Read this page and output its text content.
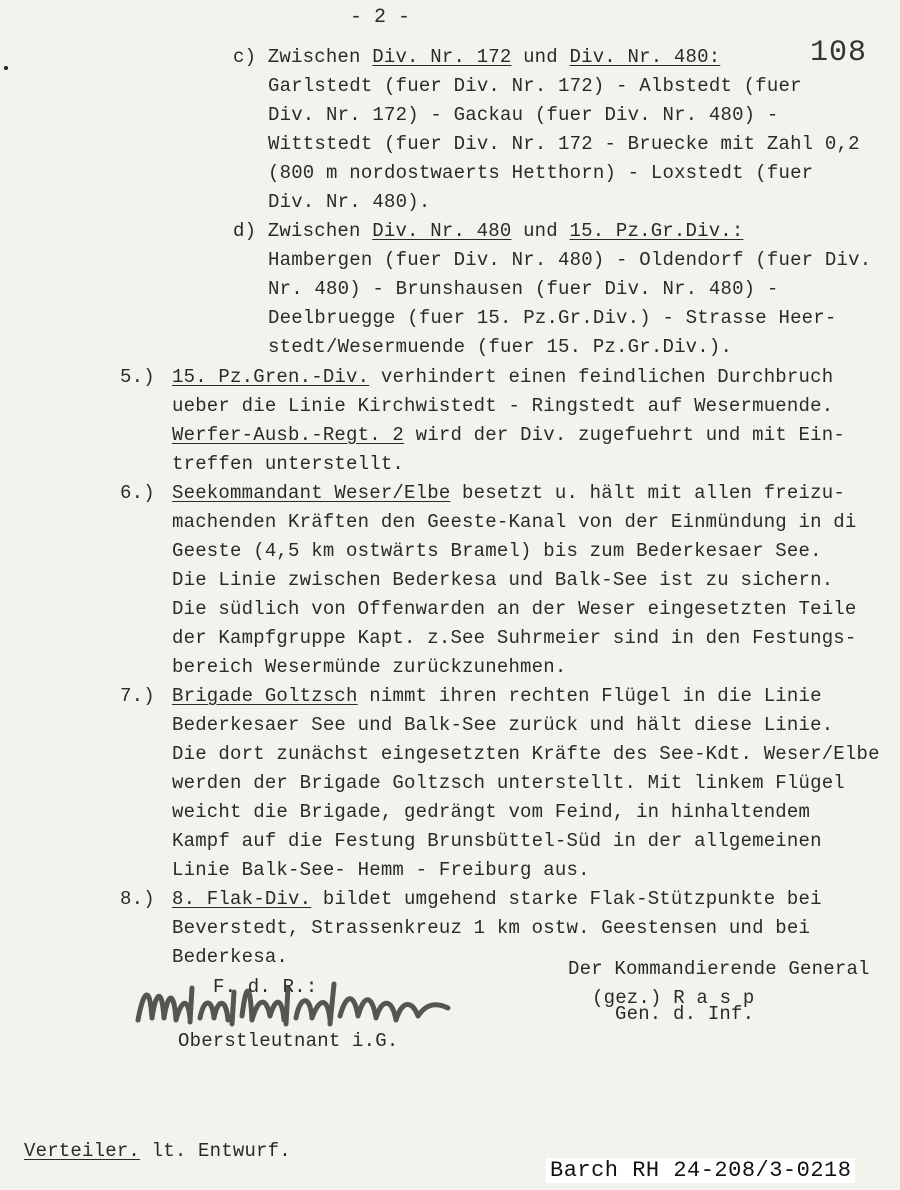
- 2 -
108
c) Zwischen Div. Nr. 172 und Div. Nr. 480:
Garlstedt (fuer Div. Nr. 172) - Albstedt (fuer
Div. Nr. 172) - Gackau (fuer Div. Nr. 480) -
Wittstedt (fuer Div. Nr. 172 - Bruecke mit Zahl 0,2
(800 m nordostwaerts Hetthorn) - Loxstedt (fuer
Div. Nr. 480).
d) Zwischen Div. Nr. 480 und 15. Pz.Gr.Div.:
Hambergen (fuer Div. Nr. 480) - Oldendorf (fuer Div.
Nr. 480) - Brunshausen (fuer Div. Nr. 480) -
Deelbruegge (fuer 15. Pz.Gr.Div.) - Strasse Heer-
stedt/Wesermuende (fuer 15. Pz.Gr.Div.).
5.) 15. Pz.Gren.-Div. verhindert einen feindlichen Durchbruch
ueber die Linie Kirchwistedt - Ringstedt auf Wesermuende.
Werfer-Ausb.-Regt. 2 wird der Div. zugefuehrt und mit Ein-
treffen unterstellt.
6.) Seekommandant Weser/Elbe besetzt u. hält mit allen freizu-
machenden Kräften den Geeste-Kanal von der Einmündung in di
Geeste (4,5 km ostwärts Bramel) bis zum Bederkesaer See.
Die Linie zwischen Bederkesa und Balk-See ist zu sichern.
Die südlich von Offenwarden an der Weser eingesetzten Teile
der Kampfgruppe Kapt. z.See Suhrmeier sind in den Festungs-
bereich Wesermünde zurückzunehmen.
7.) Brigade Goltzsch nimmt ihren rechten Flügel in die Linie
Bederkesaer See und Balk-See zurück und hält diese Linie.
Die dort zunächst eingesetzten Kräfte des See-Kdt. Weser/Elbe
werden der Brigade Goltzsch unterstellt. Mit linkem Flügel
weicht die Brigade, gedrängt vom Feind, in hinhaltendem
Kampf auf die Festung Brunsbüttel-Süd in der allgemeinen
Linie Balk-See- Hemm - Freiburg aus.
8.) 8. Flak-Div. bildet umgehend starke Flak-Stützpunkte bei
Beverstedt, Strassenkreuz 1 km ostw. Geestensen und bei
Bederkesa.
F. d. R.:
Oberstleutnant i.G.
Der Kommandierende General
(gez.) R a s p
Gen. d. Inf.
Verteiler. lt. Entwurf.
Barch RH 24-208/3-0218
